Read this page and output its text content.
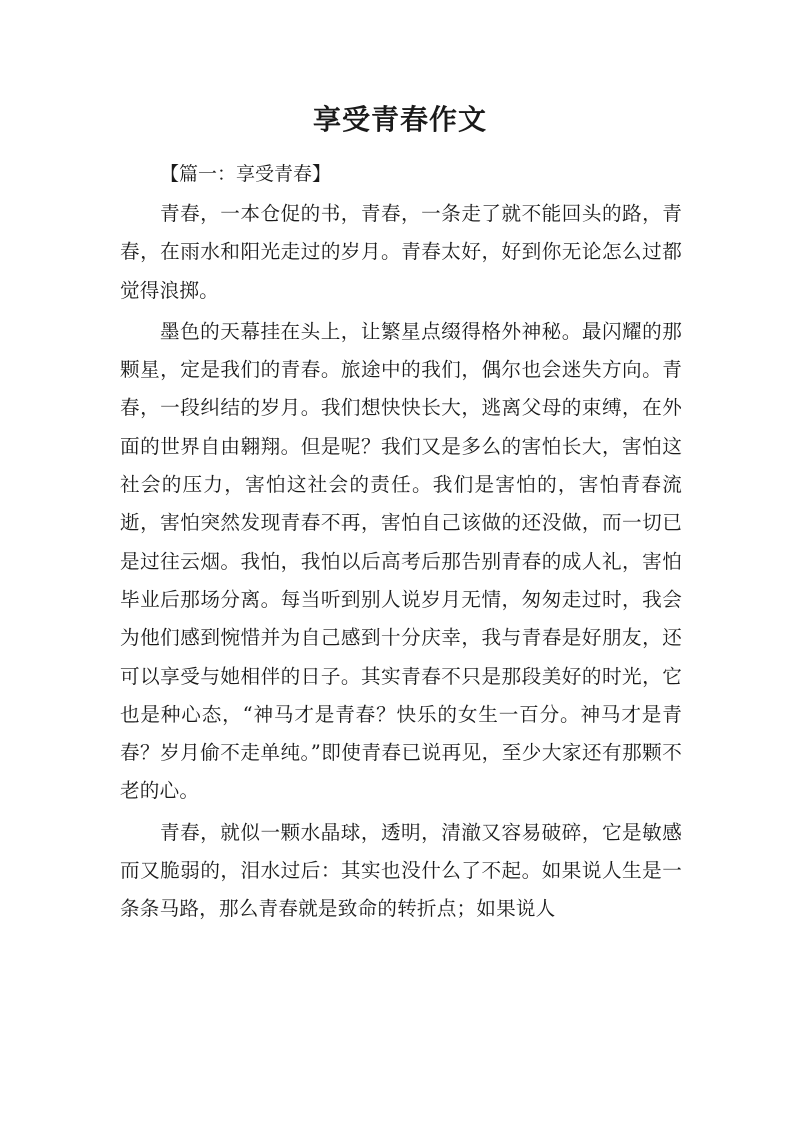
享受青春作文

【篇一：享受青春】

青春，一本仓促的书，青春，一条走了就不能回头的路，青春，在雨水和阳光走过的岁月。青春太好，好到你无论怎么过都觉得浪掷。

墨色的天幕挂在头上，让繁星点缀得格外神秘。最闪耀的那颗星，定是我们的青春。旅途中的我们，偶尔也会迷失方向。青春，一段纠结的岁月。我们想快快长大，逃离父母的束缚，在外面的世界自由翱翔。但是呢？我们又是多么的害怕长大，害怕这社会的压力，害怕这社会的责任。我们是害怕的，害怕青春流逝，害怕突然发现青春不再，害怕自己该做的还没做，而一切已是过往云烟。我怕，我怕以后高考后那告别青春的成人礼，害怕毕业后那场分离。每当听到别人说岁月无情，匆匆走过时，我会为他们感到惋惜并为自己感到十分庆幸，我与青春是好朋友，还可以享受与她相伴的日子。其实青春不只是那段美好的时光，它也是种心态，“神马才是青春？快乐的女生一百分。神马才是青春？岁月偷不走单纯。”即使青春已说再见，至少大家还有那颗不老的心。

青春，就似一颗水晶球，透明，清澈又容易破碎，它是敏感而又脆弱的，泪水过后：其实也没什么了不起。如果说人生是一条条马路，那么青春就是致命的转折点；如果说人
